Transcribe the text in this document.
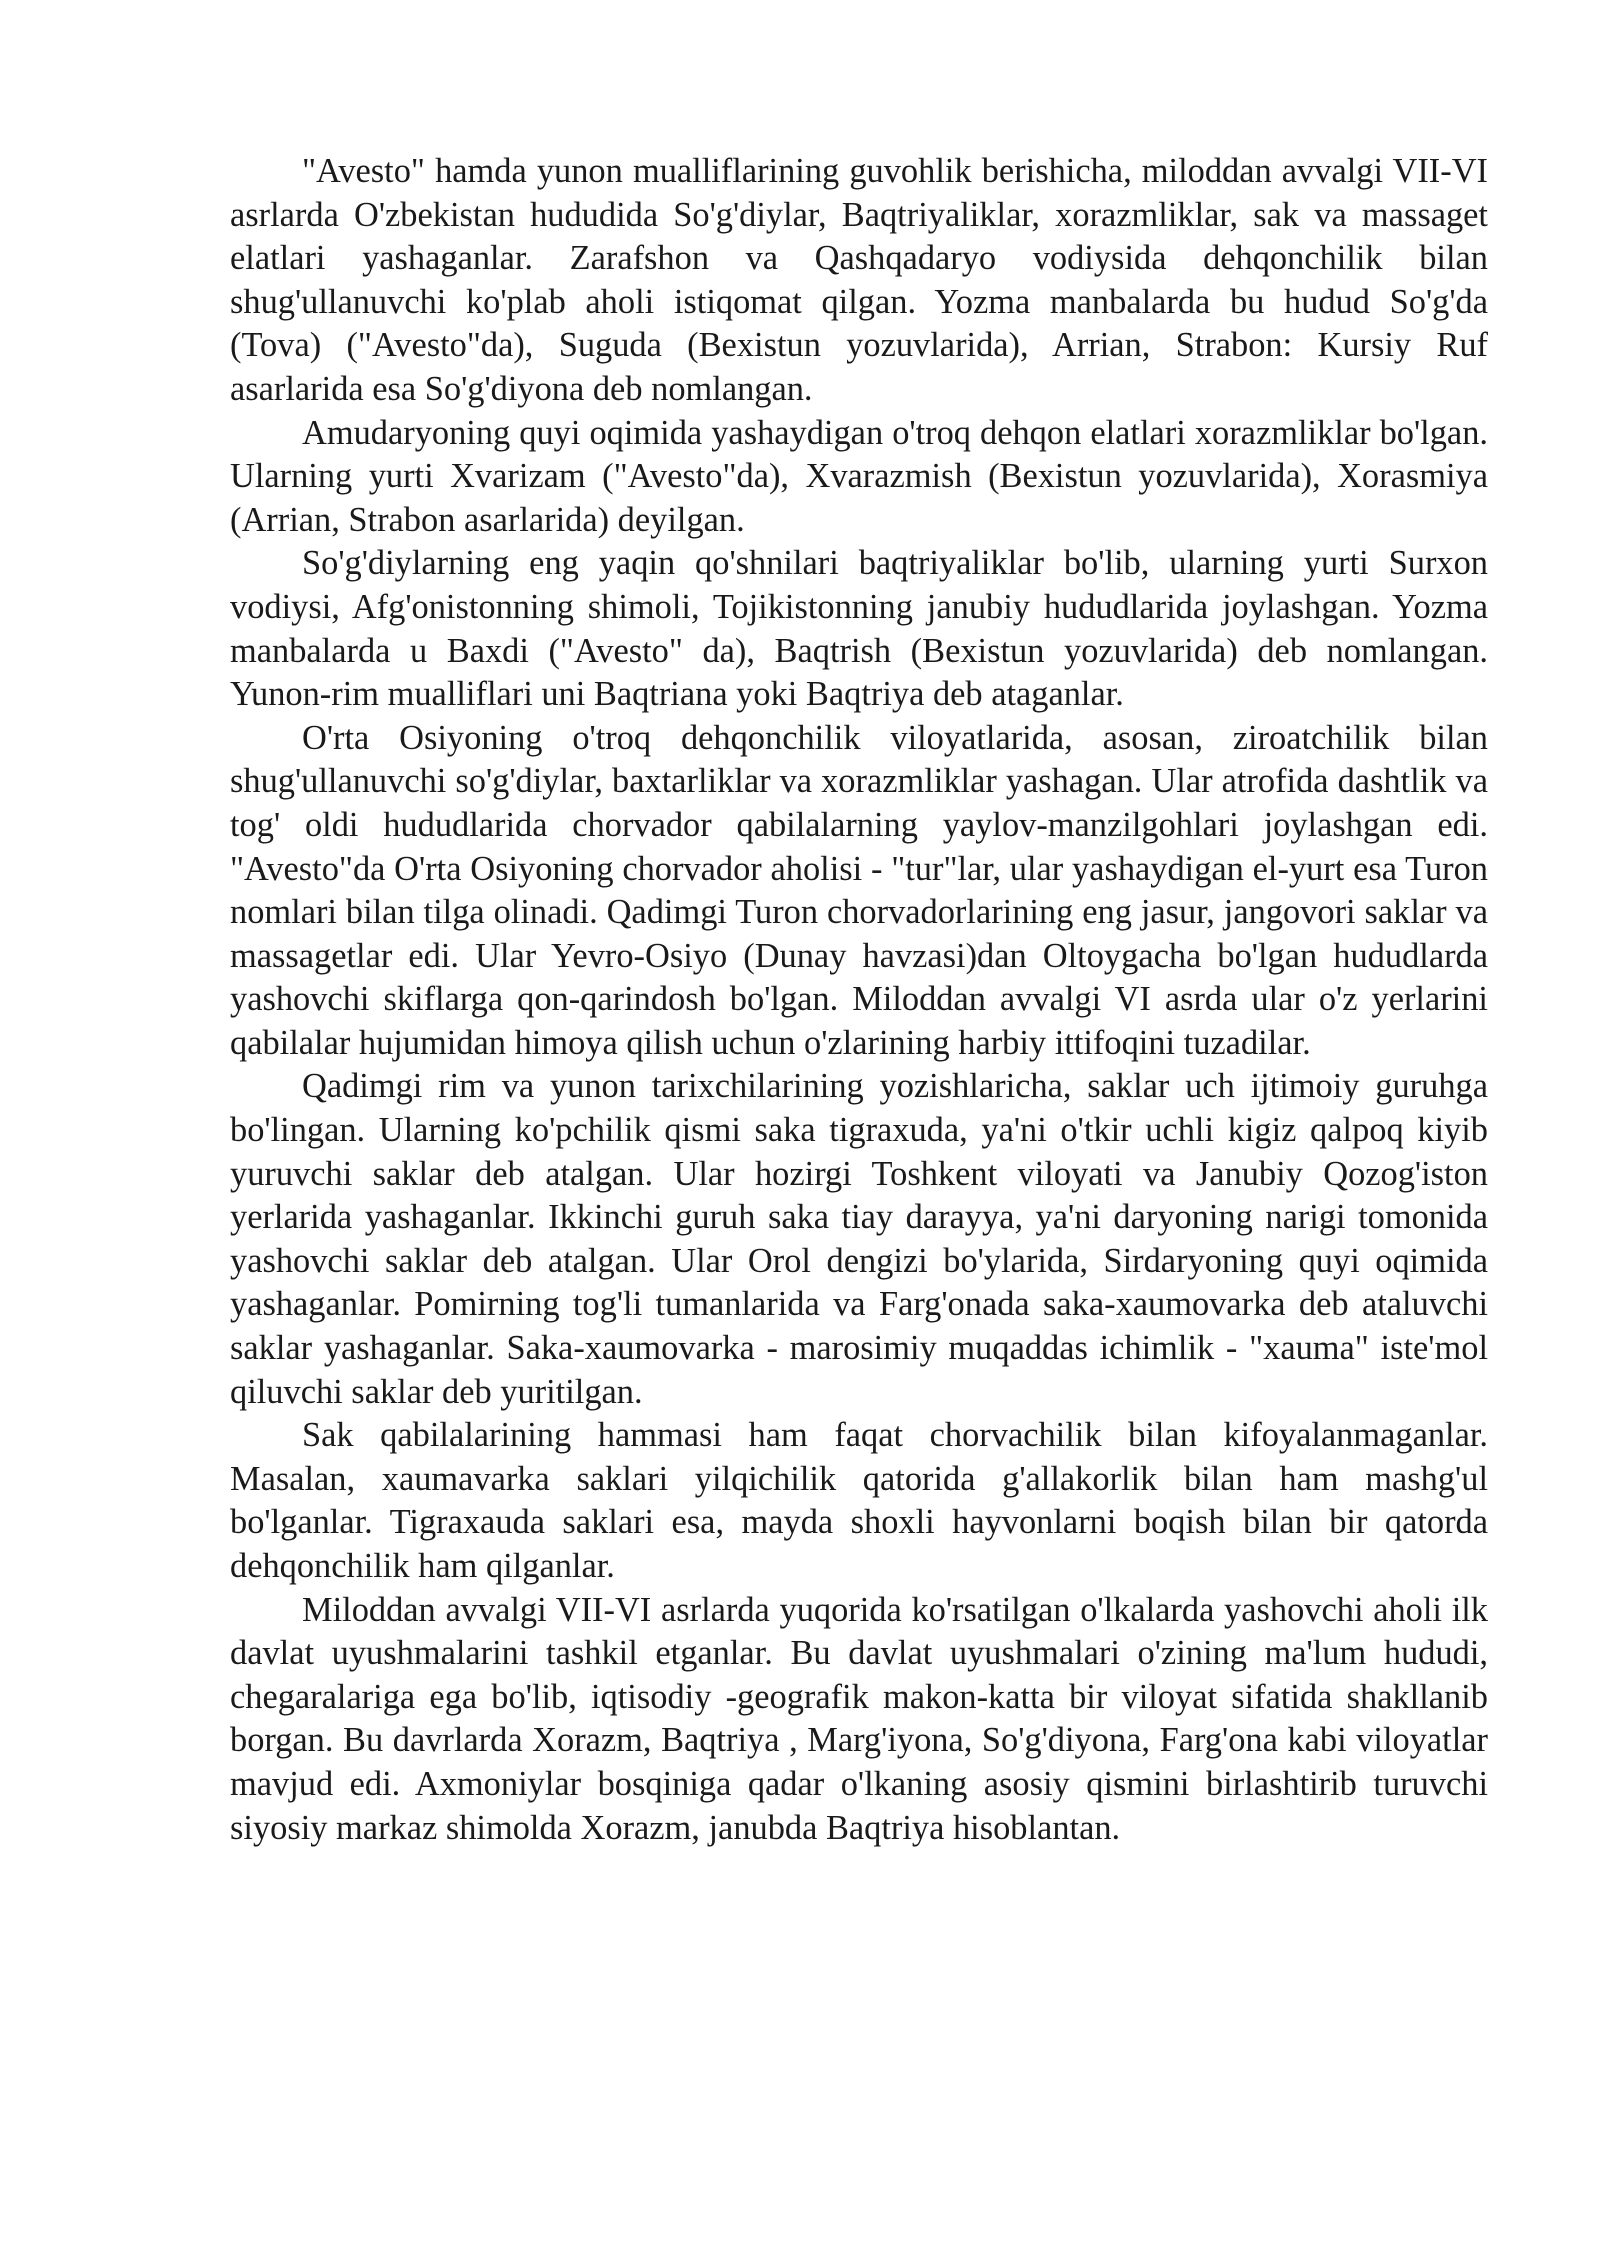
"Avesto" hamda yunon mualliflarining guvohlik berishicha, miloddan avvalgi VII-VI asrlarda O'zbekistan hududida So'g'diylar, Baqtriyaliklar, xorazmliklar, sak va massaget elatlari yashaganlar. Zarafshon va Qashqadaryo vodiysida dehqonchilik bilan shug'ullanuvchi ko'plab aholi istiqomat qilgan. Yozma manbalarda bu hudud So'g'da (Tova) ("Avesto"da), Suguda (Bexistun yozuvlarida), Arrian, Strabon: Kursiy Ruf asarlarida esa So'g'diyona deb nomlangan.

Amudaryoning quyi oqimida yashaydigan o'troq dehqon elatlari xorazmliklar bo'lgan. Ularning yurti Xvarizam ("Avesto"da), Xvarazmish (Bexistun yozuvlarida), Xorasmiya (Arrian, Strabon asarlarida) deyilgan.

So'g'diylarning eng yaqin qo'shnilari baqtriyaliklar bo'lib, ularning yurti Surxon vodiysi, Afg'onistonning shimoli, Tojikistonning janubiy hududlarida joylashgan. Yozma manbalarda u Baxdi ("Avesto" da), Baqtrish (Bexistun yozuvlarida) deb nomlangan. Yunon-rim mualliflari uni Baqtriana yoki Baqtriya deb ataganlar.

O'rta Osiyoning o'troq dehqonchilik viloyatlarida, asosan, ziroatchilik bilan shug'ullanuvchi so'g'diylar, baxtarliklar va xorazmliklar yashagan. Ular atrofida dashtlik va tog' oldi hududlarida chorvador qabilalarning yaylov-manzilgohlari joylashgan edi. "Avesto"da O'rta Osiyoning chorvador aholisi - "tur"lar, ular yashaydigan el-yurt esa Turon nomlari bilan tilga olinadi. Qadimgi Turon chorvadorlarining eng jasur, jangovori saklar va massagetlar edi. Ular Yevro-Osiyo (Dunay havzasi)dan Oltoygacha bo'lgan hududlarda yashovchi skiflarga qon-qarindosh bo'lgan. Miloddan avvalgi VI asrda ular o'z yerlarini qabilalar hujumidan himoya qilish uchun o'zlarining harbiy ittifoqini tuzadilar.

Qadimgi rim va yunon tarixchilarining yozishlaricha, saklar uch ijtimoiy guruhga bo'lingan. Ularning ko'pchilik qismi saka tigraxuda, ya'ni o'tkir uchli kigiz qalpoq kiyib yuruvchi saklar deb atalgan. Ular hozirgi Toshkent viloyati va Janubiy Qozog'iston yerlarida yashaganlar. Ikkinchi guruh saka tiay darayya, ya'ni daryoning narigi tomonida yashovchi saklar deb atalgan. Ular Orol dengizi bo'ylarida, Sirdaryoning quyi oqimida yashaganlar. Pomirning tog'li tumanlarida va Farg'onada saka-xaumovarka deb ataluvchi saklar yashaganlar. Saka-xaumovarka - marosimiy muqaddas ichimlik - "xauma" iste'mol qiluvchi saklar deb yuritilgan.

Sak qabilalarining hammasi ham faqat chorvachilik bilan kifoyalanmaganlar. Masalan, xaumavarka saklari yilqichilik qatorida g'allakorlik bilan ham mashg'ul bo'lganlar. Tigraxauda saklari esa, mayda shoxli hayvonlarni boqish bilan bir qatorda dehqonchilik ham qilganlar.

Miloddan avvalgi VII-VI asrlarda yuqorida ko'rsatilgan o'lkalarda yashovchi aholi ilk davlat uyushmalarini tashkil etganlar. Bu davlat uyushmalari o'zining ma'lum hududi, chegaralariga ega bo'lib, iqtisodiy -geografik makon-katta bir viloyat sifatida shakllanib borgan. Bu davrlarda Xorazm, Baqtriya , Marg'iyona, So'g'diyona, Farg'ona kabi viloyatlar mavjud edi. Axmoniylar bosqiniga qadar o'lkaning asosiy qismini birlashtirib turuvchi siyosiy markaz shimolda Xorazm, janubda Baqtriya hisoblantan.
